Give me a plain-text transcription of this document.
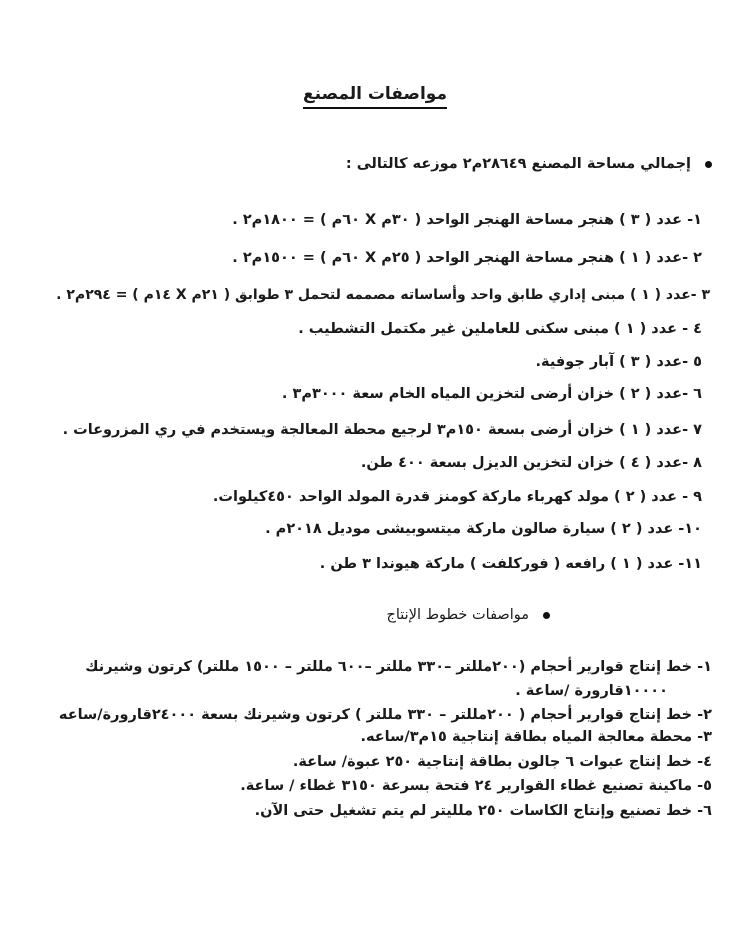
مواصفات المصنع
إجمالي مساحة المصنع ٢٨٦٤٩م٢ موزعه كالتالى :
١- عدد ( ٣ ) هنجر مساحة الهنجر الواحد ( ٣٠م X ٦٠م ) = ١٨٠٠م٢ .
٢ -عدد ( ١ ) هنجر مساحة الهنجر الواحد ( ٢٥م X ٦٠م ) = ١٥٠٠م٢ .
٣ -عدد ( ١ ) مبنى إداري طابق واحد وأساساته مصممه لتحمل ٣ طوابق ( ٢١م X ١٤م ) = ٢٩٤م٢ .
٤ - عدد ( ١ ) مبنى سكنى للعاملين غير مكتمل التشطيب .
٥ -عدد ( ٣ ) آبار جوفية.
٦ -عدد ( ٢ ) خزان أرضى لتخزين المياه الخام سعة ٣٠٠٠م٣ .
٧ -عدد ( ١ ) خزان أرضى بسعة ١٥٠م٣ لرجيع محطة المعالجة ويستخدم في ري المزروعات .
٨ -عدد ( ٤ ) خزان لتخزين الديزل بسعة ٤٠٠ طن.
٩ - عدد ( ٢ ) مولد كهرباء ماركة كومنز قدرة المولد الواحد ٤٥٠كيلوات.
١٠- عدد ( ٢ ) سيارة صالون ماركة ميتسوبيشى موديل ٢٠١٨م .
١١- عدد ( ١ ) رافعه ( فوركلفت ) ماركة هيوندا ٣ طن .
مواصفات خطوط الإنتاج
١- خط إنتاج قوارير أحجام (٢٠٠مللتر –٣٣٠ مللتر –٦٠٠ مللتر – ١٥٠٠ مللتر) كرتون وشيرنك
١٠٠٠٠قارورة /ساعة .
٢- خط إنتاج قوارير أحجام ( ٢٠٠مللتر – ٣٣٠ مللتر ) كرتون وشيرنك بسعة ٢٤٠٠٠قارورة/ساعه
٣- محطة معالجة المياه بطاقة إنتاجية ١٥م٣/ساعه.
٤- خط إنتاج عبوات ٦ جالون بطاقة إنتاجية ٢٥٠ عبوة/ ساعة.
٥- ماكينة تصنيع غطاء القوارير ٢٤ فتحة بسرعة ٣١٥٠ غطاء / ساعة.
٦- خط تصنيع وإنتاج الكاسات ٢٥٠ مللیتر لم يتم تشغيل حتى الآن.
